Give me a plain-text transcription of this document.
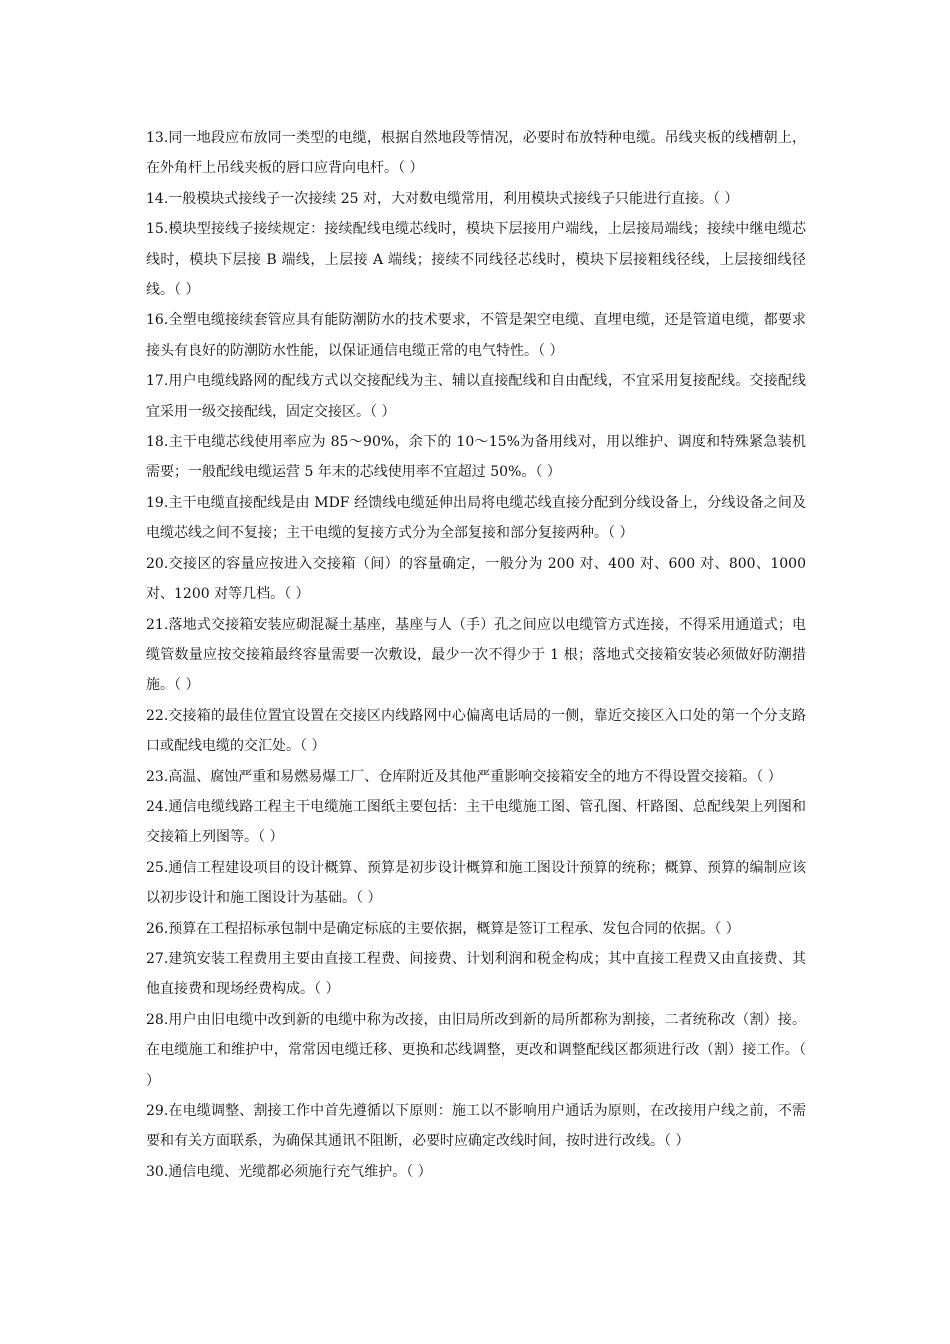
13.同一地段应布放同一类型的电缆，根据自然地段等情况，必要时布放特种电缆。吊线夹板的线槽朝上，在外角杆上吊线夹板的唇口应背向电杆。（ ）

14.一般模块式接线子一次接续 25 对，大对数电缆常用，利用模块式接线子只能进行直接。（ ）

15.模块型接线子接续规定：接续配线电缆芯线时，模块下层接用户端线，上层接局端线；接续中继电缆芯线时，模块下层接 B 端线，上层接 A 端线；接续不同线径芯线时，模块下层接粗线径线，上层接细线径线。（ ）

16.全塑电缆接续套管应具有能防潮防水的技术要求，不管是架空电缆、直埋电缆，还是管道电缆，都要求接头有良好的防潮防水性能，以保证通信电缆正常的电气特性。（ ）

17.用户电缆线路网的配线方式以交接配线为主、辅以直接配线和自由配线，不宜采用复接配线。交接配线宜采用一级交接配线，固定交接区。（ ）

18.主干电缆芯线使用率应为 85～90%，余下的 10～15%为备用线对，用以维护、调度和特殊紧急装机需要；一般配线电缆运营 5 年末的芯线使用率不宜超过 50%。（ ）

19.主干电缆直接配线是由 MDF 经馈线电缆延伸出局将电缆芯线直接分配到分线设备上，分线设备之间及电缆芯线之间不复接；主干电缆的复接方式分为全部复接和部分复接两种。（ ）

20.交接区的容量应按进入交接箱（间）的容量确定，一般分为 200 对、400 对、600 对、800、1000 对、1200 对等几档。（ ）

21.落地式交接箱安装应砌混凝土基座，基座与人（手）孔之间应以电缆管方式连接，不得采用通道式；电缆管数量应按交接箱最终容量需要一次敷设，最少一次不得少于 1 根；落地式交接箱安装必须做好防潮措施。（ ）

22.交接箱的最佳位置宜设置在交接区内线路网中心偏离电话局的一侧，靠近交接区入口处的第一个分支路口或配线电缆的交汇处。（ ）

23.高温、腐蚀严重和易燃易爆工厂、仓库附近及其他严重影响交接箱安全的地方不得设置交接箱。（ ）

24.通信电缆线路工程主干电缆施工图纸主要包括：主干电缆施工图、管孔图、杆路图、总配线架上列图和交接箱上列图等。（ ）

25.通信工程建设项目的设计概算、预算是初步设计概算和施工图设计预算的统称；概算、预算的编制应该以初步设计和施工图设计为基础。（ ）

26.预算在工程招标承包制中是确定标底的主要依据，概算是签订工程承、发包合同的依据。（ ）

27.建筑安装工程费用主要由直接工程费、间接费、计划利润和税金构成；其中直接工程费又由直接费、其他直接费和现场经费构成。（ ）

28.用户由旧电缆中改到新的电缆中称为改接，由旧局所改到新的局所都称为割接，二者统称改（割）接。在电缆施工和维护中，常常因电缆迁移、更换和芯线调整，更改和调整配线区都须进行改（割）接工作。（ ）

29.在电缆调整、割接工作中首先遵循以下原则：施工以不影响用户通话为原则，在改接用户线之前，不需要和有关方面联系，为确保其通讯不阻断，必要时应确定改线时间，按时进行改线。（ ）

30.通信电缆、光缆都必须施行充气维护。（ ）
